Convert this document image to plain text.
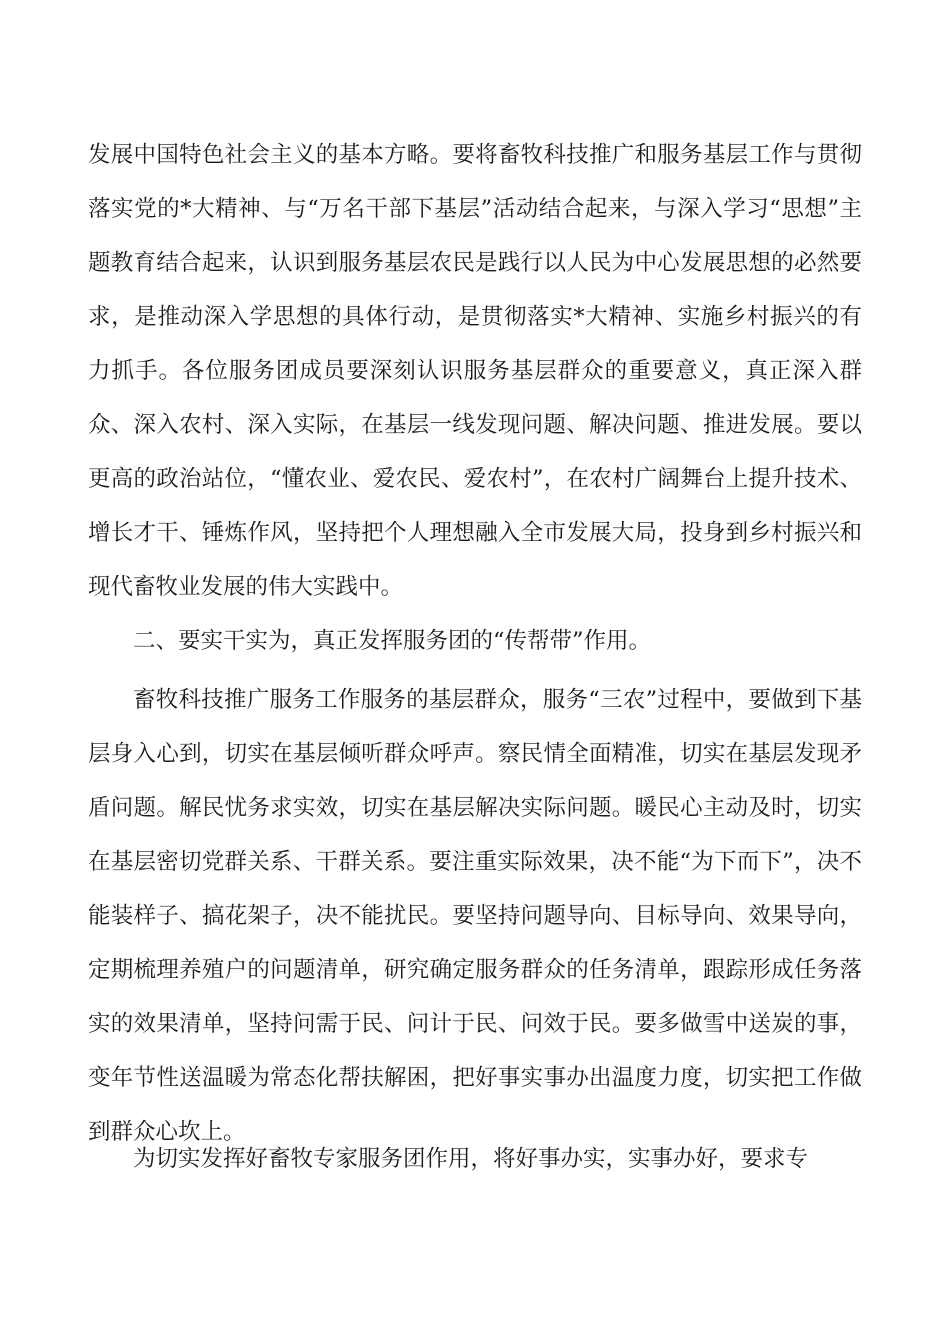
发展中国特色社会主义的基本方略。要将畜牧科技推广和服务基层工作与贯彻落实党的*大精神、与“万名干部下基层”活动结合起来，与深入学习“思想”主题教育结合起来，认识到服务基层农民是践行以人民为中心发展思想的必然要求，是推动深入学思想的具体行动，是贯彻落实*大精神、实施乡村振兴的有力抓手。各位服务团成员要深刻认识服务基层群众的重要意义，真正深入群众、深入农村、深入实际，在基层一线发现问题、解决问题、推进发展。要以更高的政治站位，“懂农业、爱农民、爱农村”，在农村广阔舞台上提升技术、增长才干、锤炼作风，坚持把个人理想融入全市发展大局，投身到乡村振兴和现代畜牧业发展的伟大实践中。

二、要实干实为，真正发挥服务团的“传帮带”作用。

畜牧科技推广服务工作服务的基层群众，服务“三农”过程中，要做到下基层身入心到，切实在基层倾听群众呼声。察民情全面精准，切实在基层发现矛盾问题。解民忧务求实效，切实在基层解决实际问题。暖民心主动及时，切实在基层密切党群关系、干群关系。要注重实际效果，决不能“为下而下”，决不能装样子、搞花架子，决不能扰民。要坚持问题导向、目标导向、效果导向，定期梳理养殖户的问题清单，研究确定服务群众的任务清单，跟踪形成任务落实的效果清单，坚持问需于民、问计于民、问效于民。要多做雪中送炭的事，变年节性送温暖为常态化帮扶解困，把好事实事办出温度力度，切实把工作做到群众心坎上。

为切实发挥好畜牧专家服务团作用，将好事办实，实事办好，要求专
